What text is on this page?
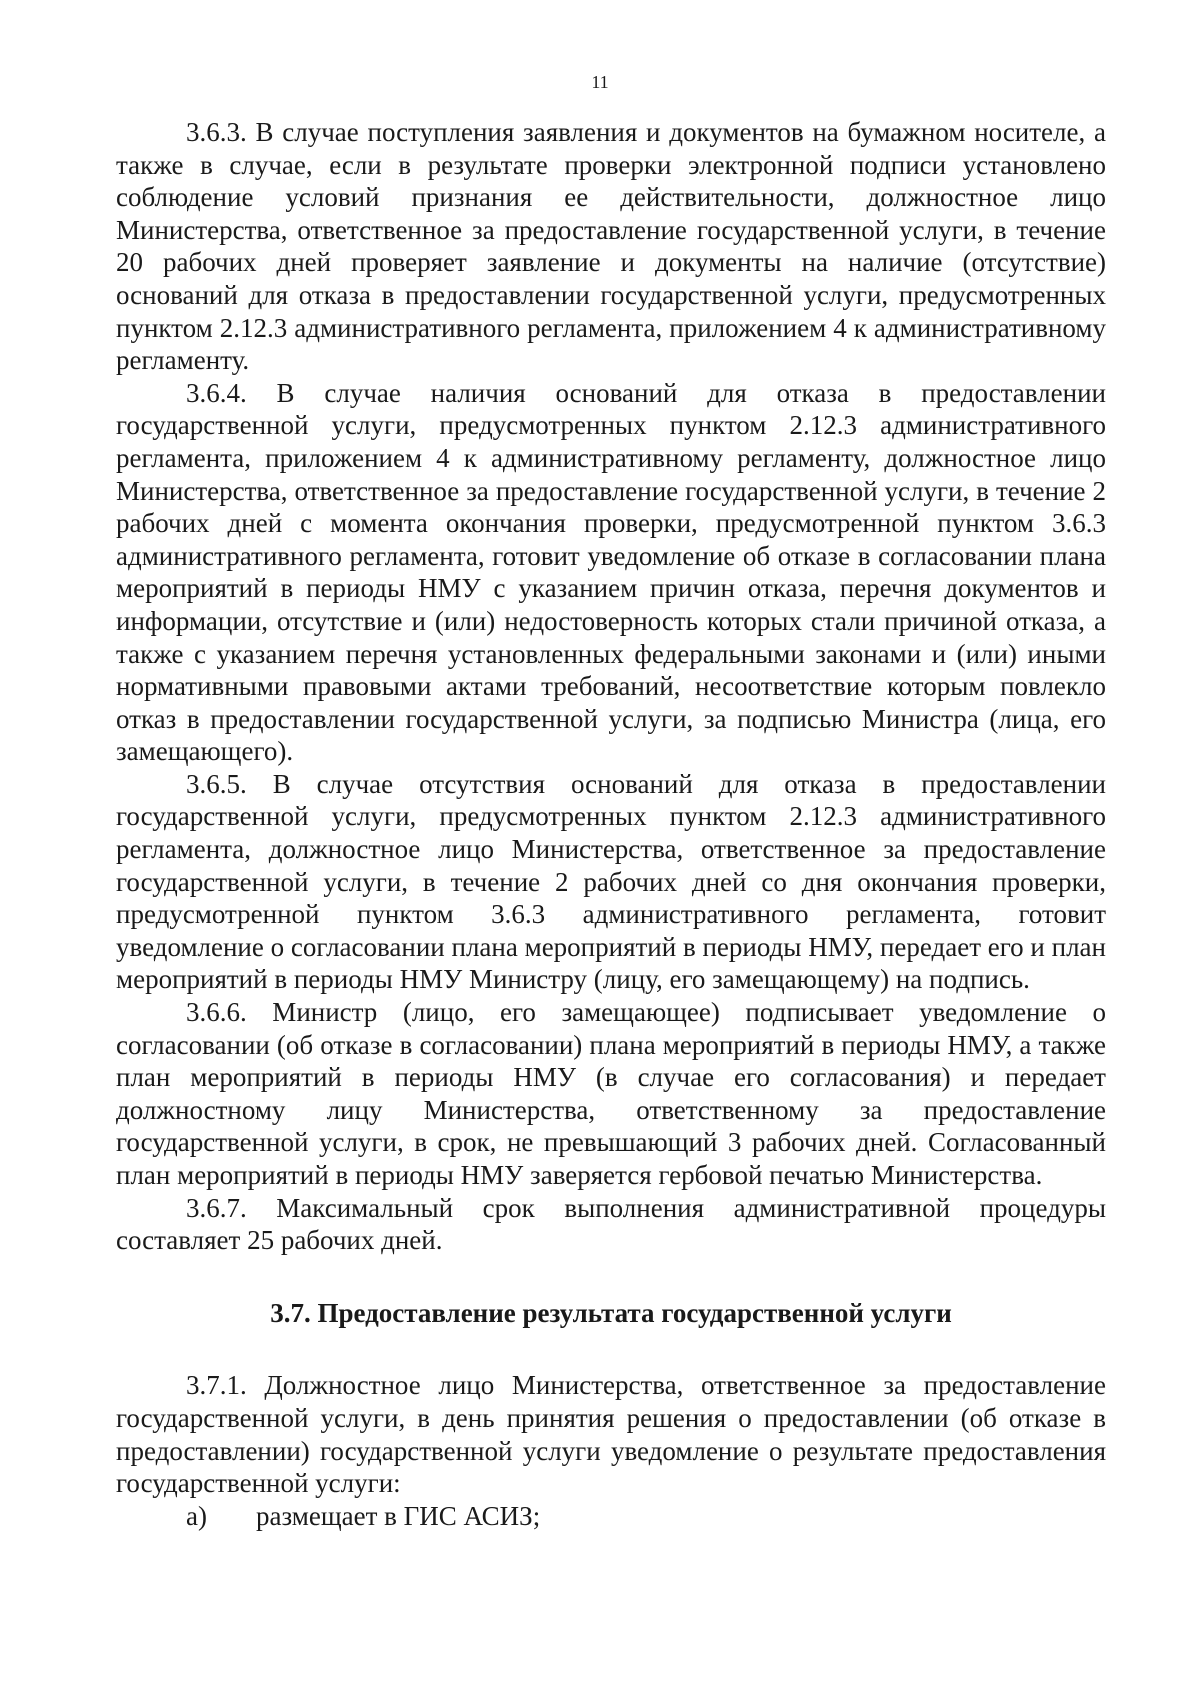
11

3.6.3. В случае поступления заявления и документов на бумажном носителе, а также в случае, если в результате проверки электронной подписи установлено соблюдение условий признания ее действительности, должностное лицо Министерства, ответственное за предоставление государственной услуги, в течение 20 рабочих дней проверяет заявление и документы на наличие (отсутствие) оснований для отказа в предоставлении государственной услуги, предусмотренных пунктом 2.12.3 административного регламента, приложением 4 к административному регламенту.

3.6.4. В случае наличия оснований для отказа в предоставлении государственной услуги, предусмотренных пунктом 2.12.3 административного регламента, приложением 4 к административному регламенту, должностное лицо Министерства, ответственное за предоставление государственной услуги, в течение 2 рабочих дней с момента окончания проверки, предусмотренной пунктом 3.6.3 административного регламента, готовит уведомление об отказе в согласовании плана мероприятий в периоды НМУ с указанием причин отказа, перечня документов и информации, отсутствие и (или) недостоверность которых стали причиной отказа, а также с указанием перечня установленных федеральными законами и (или) иными нормативными правовыми актами требований, несоответствие которым повлекло отказ в предоставлении государственной услуги, за подписью Министра (лица, его замещающего).

3.6.5. В случае отсутствия оснований для отказа в предоставлении государственной услуги, предусмотренных пунктом 2.12.3 административного регламента, должностное лицо Министерства, ответственное за предоставление государственной услуги, в течение 2 рабочих дней со дня окончания проверки, предусмотренной пунктом 3.6.3 административного регламента, готовит уведомление о согласовании плана мероприятий в периоды НМУ, передает его и план мероприятий в периоды НМУ Министру (лицу, его замещающему) на подпись.

3.6.6. Министр (лицо, его замещающее) подписывает уведомление о согласовании (об отказе в согласовании) плана мероприятий в периоды НМУ, а также план мероприятий в периоды НМУ (в случае его согласования) и передает должностному лицу Министерства, ответственному за предоставление государственной услуги, в срок, не превышающий 3 рабочих дней. Согласованный план мероприятий в периоды НМУ заверяется гербовой печатью Министерства.

3.6.7. Максимальный срок выполнения административной процедуры составляет 25 рабочих дней.

3.7. Предоставление результата государственной услуги

3.7.1. Должностное лицо Министерства, ответственное за предоставление государственной услуги, в день принятия решения о предоставлении (об отказе в предоставлении) государственной услуги уведомление о результате предоставления государственной услуги:

а) размещает в ГИС АСИЗ;
